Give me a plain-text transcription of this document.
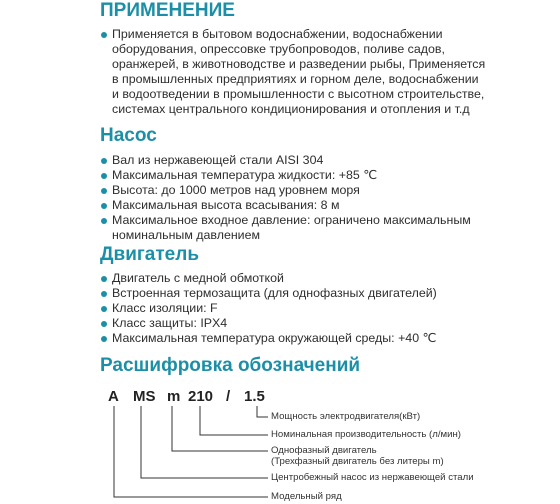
ПРИМЕНЕНИЕ
Применяется в бытовом водоснабжении, водоснабжении
оборудования, опрессовке трубопроводов, поливе садов,
оранжерей, в животноводстве и разведении рыбы, Применяется
в промышленных предприятиях и горном деле, водоснабжении
и водоотведении в промышленности с высотном строительстве,
системах центрального кондиционирования и отопления и т.д
Насос
Вал из нержавеющей стали AISI 304
Максимальная температура жидкости: +85 ℃
Высота: до 1000 метров над уровнем моря
Максимальная высота всасывания: 8 м
Максимальное входное давление: ограничено максимальным
номинальным давлением
Двигатель
Двигатель с медной обмоткой
Встроенная термозащита (для однофазных двигателей)
Класс изоляции: F
Класс защиты: IPX4
Максимальная температура окружающей среды: +40 ℃
Расшифровка обозначений
A MS m 210 / 1.5
Мощность электродвигателя(кВт)
Номинальная производительность (л/мин)
Однофазный двигатель
(Трехфазный двигатель без литеры m)
Центробежный насос из нержавеющей стали
Модельный ряд
